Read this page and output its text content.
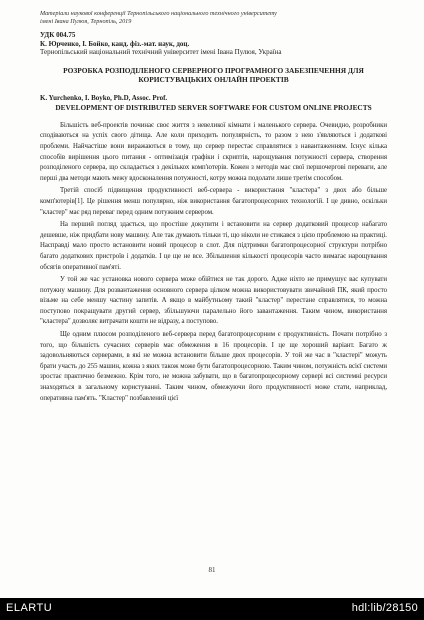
Матеріали наукової конференції Тернопільського національного технічного університету

імені Івана Пулюя, Тернопіль, 2019

УДК 004.75
К. Юрченко, І. Бойко, канд. фіз.-мат. наук, доц.
Тернопільський національний технічний університет імені Івана Пулюя, Україна
РОЗРОБКА РОЗПОДІЛЕНОГО СЕРВЕРНОГО ПРОГРАМНОГО ЗАБЕЗПЕЧЕННЯ ДЛЯ КОРИСТУВАЦЬКИХ ОНЛАЙН ПРОЕКТІВ
K. Yurchenko, I. Boyko, Ph.D, Assoc. Prof.
DEVELOPMENT OF DISTRIBUTED SERVER SOFTWARE FOR CUSTOM ONLINE PROJECTS

Більшість веб-проектів починає своє життя з невеликої кімнати і маленького сервера. Очевидно, розробники сподіваються на успіх свого дітища. Але коли приходить популярність, то разом з нею з'являються і додаткові проблеми. Найчастіше вони виражаються в тому, що сервер перестає справлятися з навантаженням. Існує кілька способів вирішення цього питання - оптимізація графіки і скриптів, нарощування потужності сервера, створення розподіленого сервера, що складається з декількох комп'ютерів. Кожен з методів має свої першочергові переваги, але перші два методи мають межу вдосконалення потужності, котру можна подолати лише третім способом.

Третій спосіб підвищення продуктивності веб-сервера - використання "кластера" з двох або більше комп'ютерів[1]. Це рішення менш популярно, ніж використання багатопроцесорних технологій. І це дивно, оскільки "кластер" має ряд переваг перед одним потужним сервером.

На перший погляд здається, що простіше докупити і встановити на сервер додатковий процесор набагато дешевше, ніж придбати нову машину. Але так думають тільки ті, що ніколи не стикався з цією проблемою на практиці. Насправді мало просто встановити новий процесор в слот. Для підтримки багатопроцесорної структури потрібно багато додаткових пристроїв і додатків. І це ще не все. Збільшення кількості процесорів часто вимагає нарощування обсягів оперативної пам'яті.

У той же час установка нового сервера може обійтися не так дорого. Адже ніхто не примушує вас купувати потужну машину. Для розвантаження основного сервера цілком можна використовувати звичайний ПК, який просто візьме на себе меншу частину запитів. А якщо в майбутньому такий "кластер" перестане справлятися, то можна поступово покращувати другий сервер, збільшуючи паралельно його завантаження. Таким чином, використання "кластера" дозволяє витрачати кошти не відразу, а поступово.

Ще одним плюсом розподіленого веб-сервера перед багатопроцесорним є продуктивність. Почати потрібно з того, що більшість сучасних серверів має обмеження в 16 процесорів. І це ще хороший варіант. Багато ж задовольняються серверами, в які не можна встановити більше двох процесорів. У той же час в "кластері" можуть брати участь до 255 машин, кожна з яких також може бути багатопроцесорною. Таким чином, потужність всієї системи зростає практично безмежно. Крім того, не можна забувати, що в багатопроцесорному сервері всі системні ресурси знаходяться в загальному користуванні. Таким чином, обмежуючи його продуктивності може стати, наприклад, оперативна пам'ять. "Кластер" позбавлений цієї

81
ELARTU	hdl:lib/28150
